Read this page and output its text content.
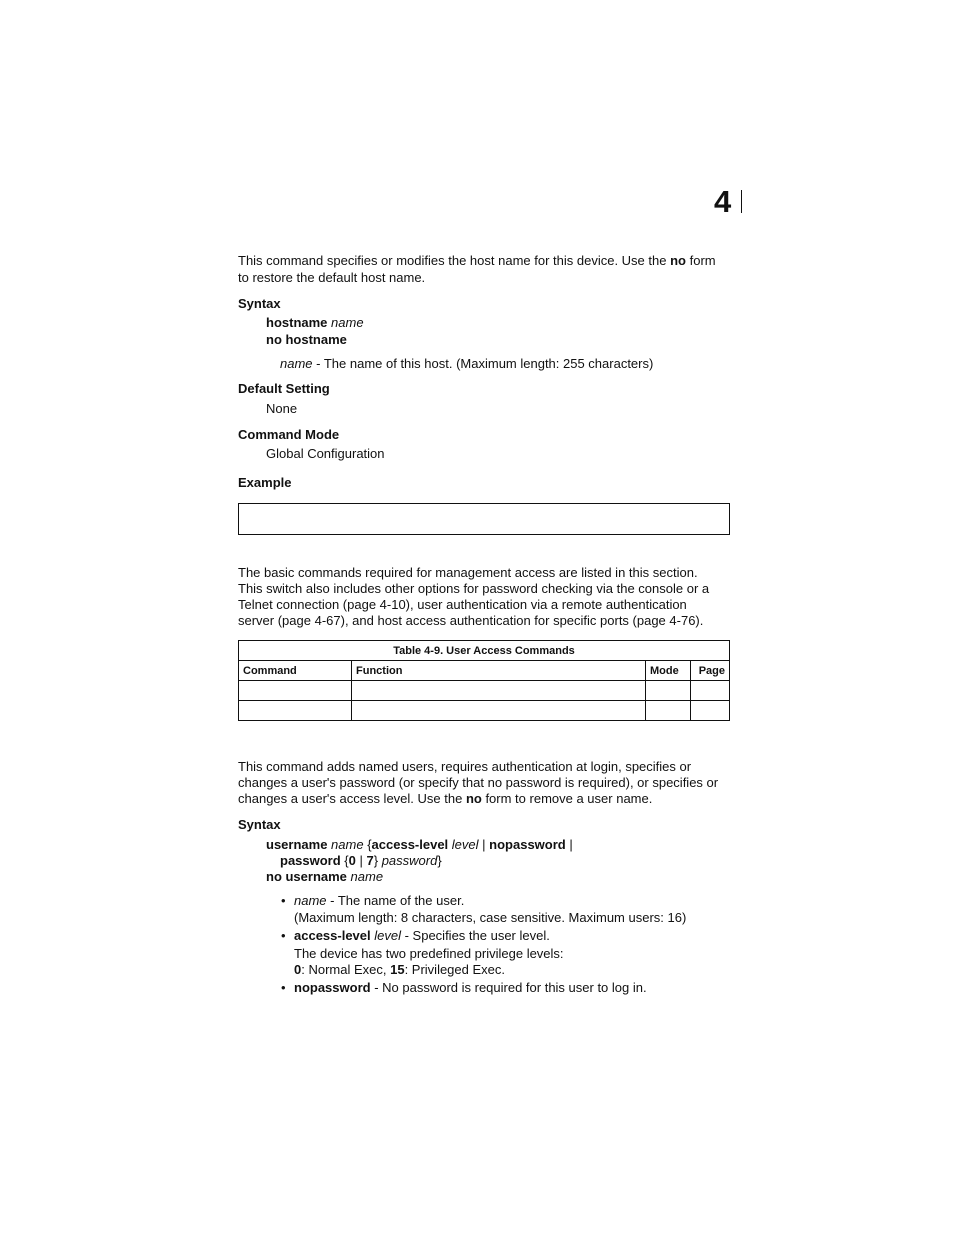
4
This command specifies or modifies the host name for this device. Use the no form
to restore the default host name.
Syntax
hostname name
no hostname
name - The name of this host. (Maximum length: 255 characters)
Default Setting
None
Command Mode
Global Configuration
Example
The basic commands required for management access are listed in this section.
This switch also includes other options for password checking via the console or a
Telnet connection (page 4-10), user authentication via a remote authentication
server (page 4-67), and host access authentication for specific ports (page 4-76).
Table 4-9. User Access Commands			
Command	Function	Mode	Page

This command adds named users, requires authentication at login, specifies or
changes a user's password (or specify that no password is required), or specifies or
changes a user's access level. Use the no form to remove a user name.
Syntax
username name {access-level level | nopassword |
password {0 | 7} password}
no username name
• name - The name of the user.
(Maximum length: 8 characters, case sensitive. Maximum users: 16)
• access-level level - Specifies the user level.
The device has two predefined privilege levels:
0: Normal Exec, 15: Privileged Exec.
• nopassword - No password is required for this user to log in.
